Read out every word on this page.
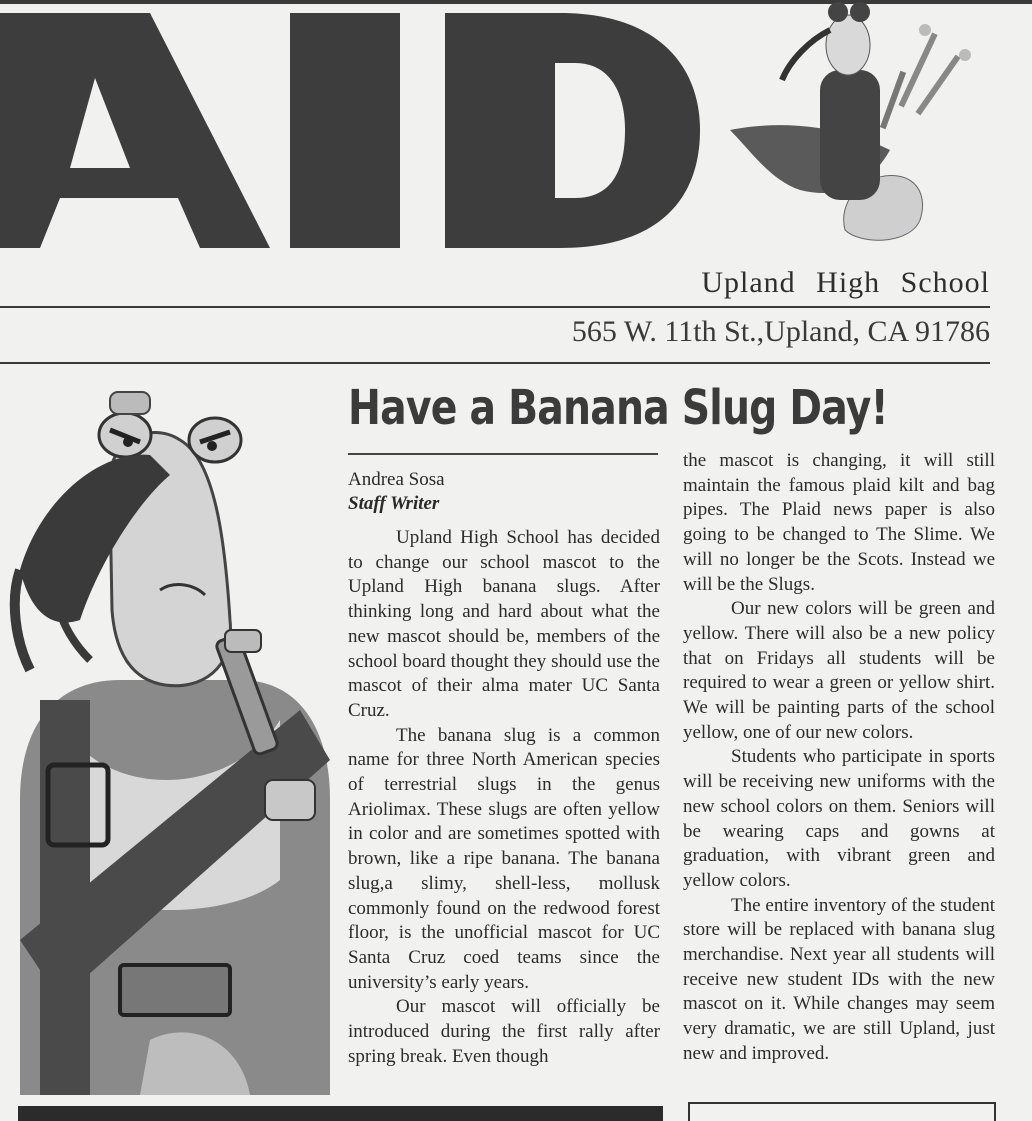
Upland High School
565 W. 11th St.,Upland, CA 91786
Have a Banana Slug Day!
Andrea Sosa
Staff Writer

Upland High School has decided to change our school mascot to the Upland High banana slugs. After thinking long and hard about what the new mascot should be, members of the school board thought they should use the mascot of their alma mater UC Santa Cruz.

The banana slug is a common name for three North American species of terrestrial slugs in the genus Ariolimax. These slugs are often yellow in color and are sometimes spotted with brown, like a ripe banana. The banana slug,a slimy, shell-less, mollusk commonly found on the redwood forest floor, is the unofficial mascot for UC Santa Cruz coed teams since the university’s early years.

Our mascot will officially be introduced during the first rally after spring break. Even though

the mascot is changing, it will still maintain the famous plaid kilt and bag pipes. The Plaid news paper is also going to be changed to The Slime. We will no longer be the Scots. Instead we will be the Slugs.

Our new colors will be green and yellow. There will also be a new policy that on Fridays all students will be required to wear a green or yellow shirt. We will be painting parts of the school yellow, one of our new colors.

Students who participate in sports will be receiving new uniforms with the new school colors on them. Seniors will be wearing caps and gowns at graduation, with vibrant green and yellow colors.

The entire inventory of the student store will be replaced with banana slug merchandise. Next year all students will receive new student IDs with the new mascot on it. While changes may seem very dramatic, we are still Upland, just new and improved.
